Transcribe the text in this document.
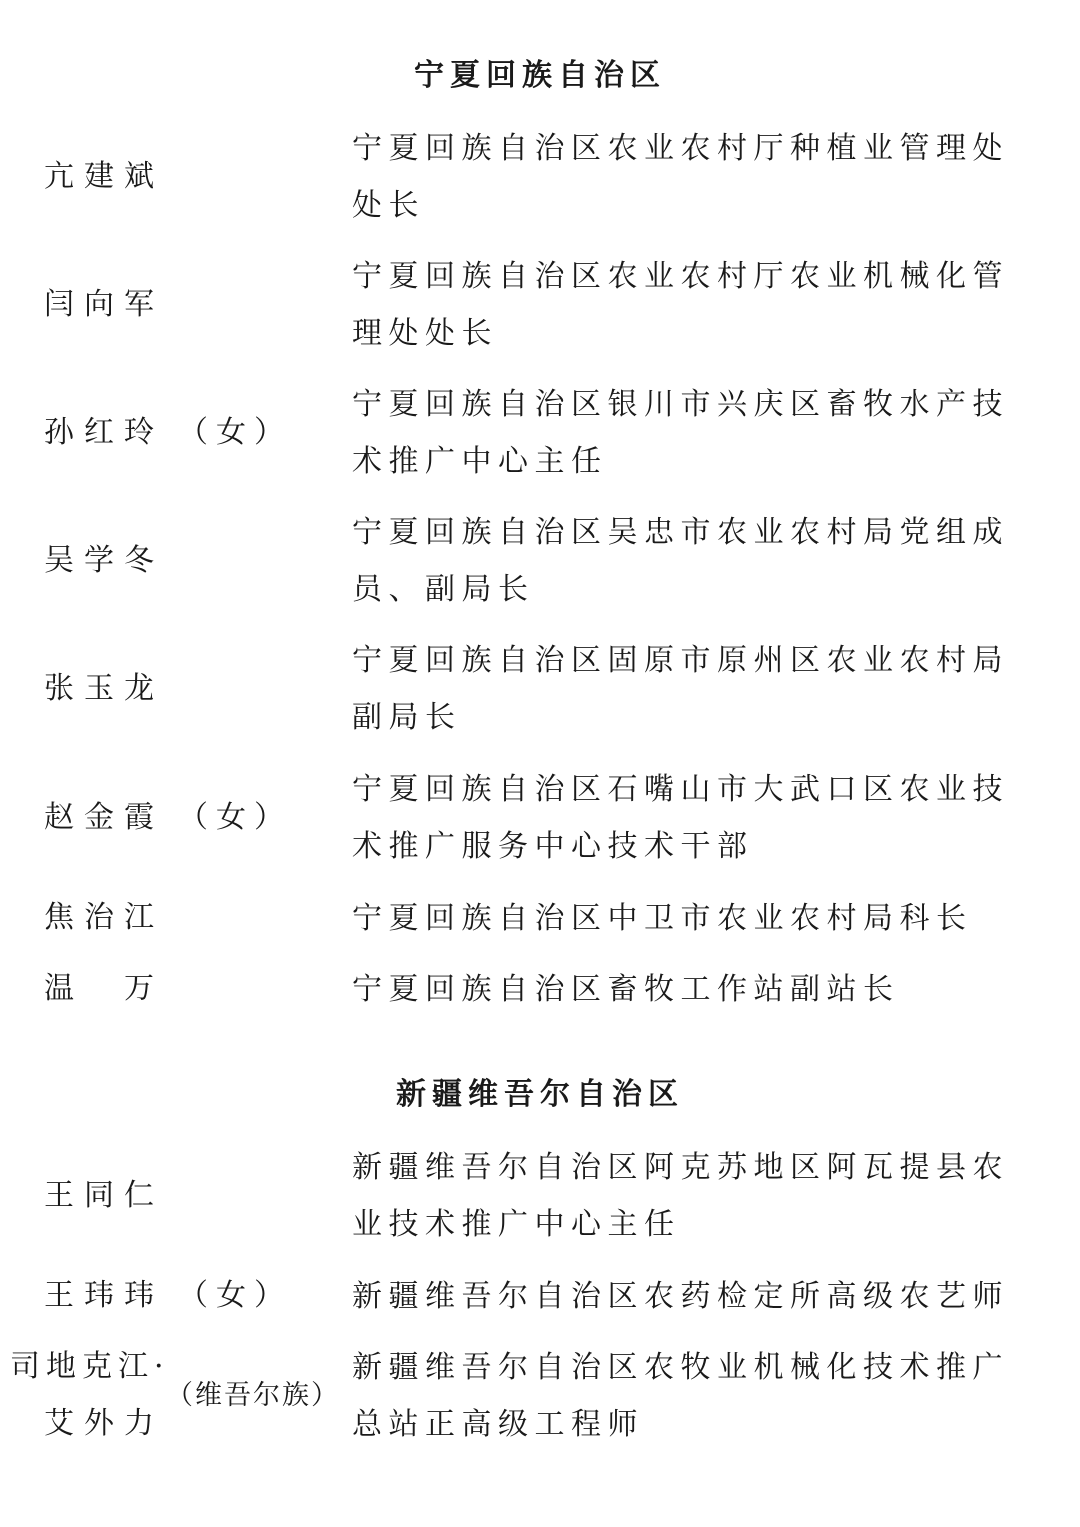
宁夏回族自治区
亢建斌

宁夏回族自治区农业农村厅种植业管理处处长

闫向军

宁夏回族自治区农业农村厅农业机械化管理处处长

孙红玲 （女）

宁夏回族自治区银川市兴庆区畜牧水产技术推广中心主任

吴学冬

宁夏回族自治区吴忠市农业农村局党组成员、副局长

张玉龙

宁夏回族自治区固原市原州区农业农村局副局长

赵金霞 （女）

宁夏回族自治区石嘴山市大武口区农业技术推广服务中心技术干部

焦治江	宁夏回族自治区中卫市农业农村局科长

温　万	宁夏回族自治区畜牧工作站副站长

新疆维吾尔自治区
王同仁

新疆维吾尔自治区阿克苏地区阿瓦提县农业技术推广中心主任

王玮玮 （女） 新疆维吾尔自治区农药检定所高级农艺师

司地克江·
艾外力
（维吾尔族）

新疆维吾尔自治区农牧业机械化技术推广总站正高级工程师
